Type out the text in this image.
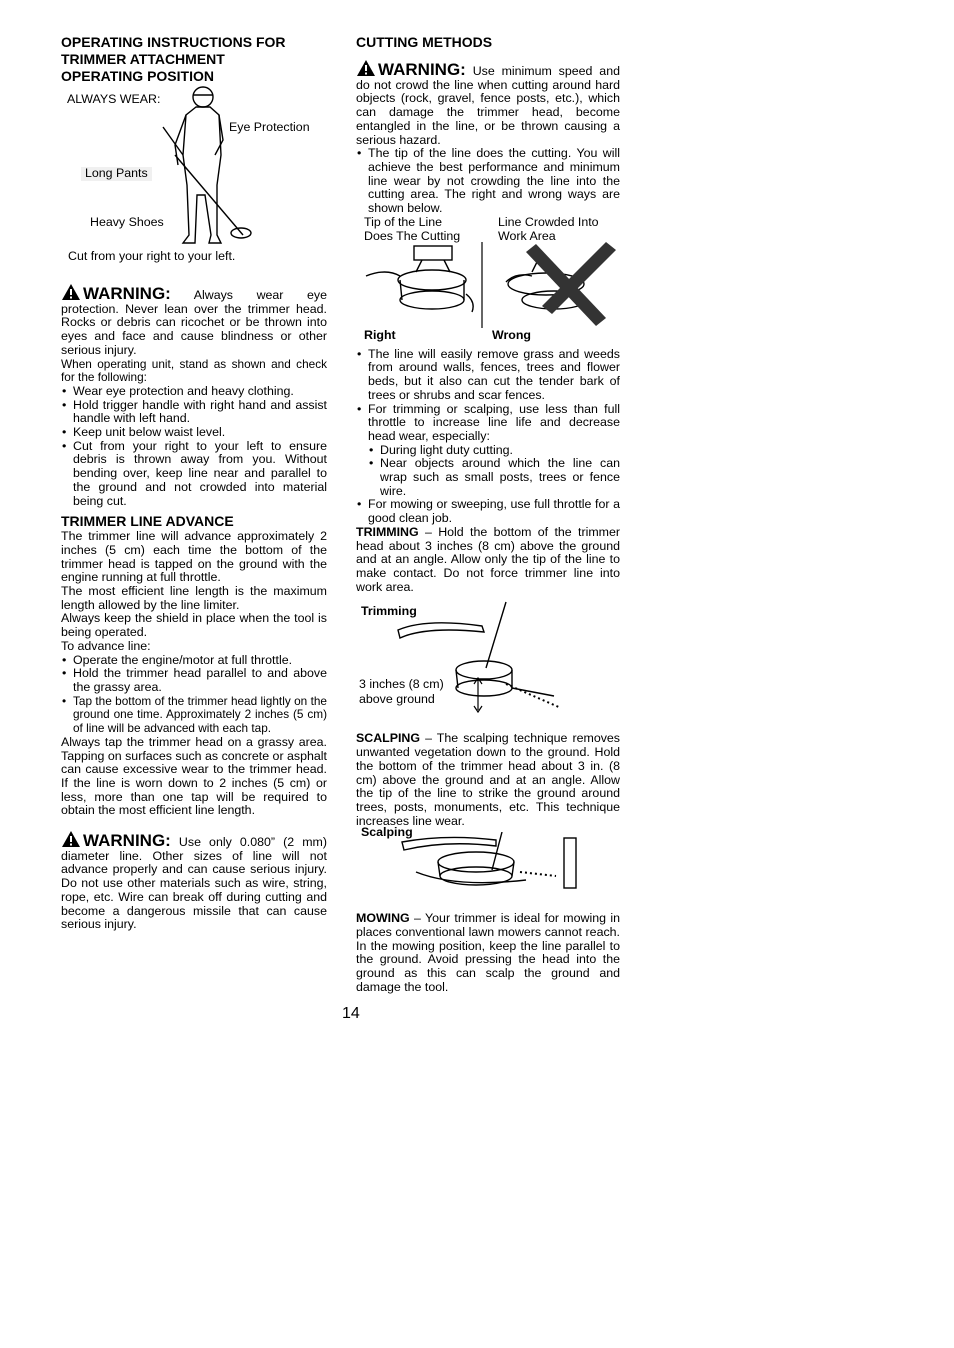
OPERATING INSTRUCTIONS FOR
TRIMMER ATTACHMENT
OPERATING POSITION
ALWAYS WEAR:
Eye Protection
Long Pants
Heavy Shoes
Cut from your right to your left.

WARNING: Always wear eye protection. Never lean over the trimmer head. Rocks or debris can ricochet or be thrown into eyes and face and cause blindness or other serious injury.

When operating unit, stand as shown and check for the following:

• Wear eye protection and heavy clothing.
• Hold trigger handle with right hand and assist handle with left hand.
• Keep unit below waist level.
• Cut from your right to your left to ensure debris is thrown away from you. Without bending over, keep line near and parallel to the ground and not crowded into material being cut.
TRIMMER LINE ADVANCE

The trimmer line will advance approximately 2 inches (5 cm) each time the bottom of the trimmer head is tapped on the ground with the engine running at full throttle.

The most efficient line length is the maximum length allowed by the line limiter.

Always keep the shield in place when the tool is being operated.

To advance line:

• Operate the engine/motor at full throttle.
• Hold the trimmer head parallel to and above the grassy area.
• Tap the bottom of the trimmer head lightly on the ground one time. Approximately 2 inches (5 cm) of line will be advanced with each tap.

Always tap the trimmer head on a grassy area. Tapping on surfaces such as concrete or asphalt can cause excessive wear to the trimmer head. If the line is worn down to 2 inches (5 cm) or less, more than one tap will be required to obtain the most efficient line length.

WARNING: Use only 0.080” (2 mm) diameter line. Other sizes of line will not advance properly and can cause serious injury. Do not use other materials such as wire, string, rope, etc. Wire can break off during cutting and become a dangerous missile that can cause serious injury.

CUTTING METHODS

WARNING: Use minimum speed and do not crowd the line when cutting around hard objects (rock, gravel, fence posts, etc.), which can damage the trimmer head, become entangled in the line, or be thrown causing a serious hazard.

• The tip of the line does the cutting. You will achieve the best performance and minimum line wear by not crowding the line into the cutting area. The right and wrong ways are shown below.
Tip of the Line
Does The Cutting
Line Crowded Into
Work Area
Right	Wrong
• The line will easily remove grass and weeds from around walls, fences, trees and flower beds, but it also can cut the tender bark of trees or shrubs and scar fences.
• For trimming or scalping, use less than full throttle to increase line life and decrease head wear, especially:
• During light duty cutting.
• Near objects around which the line can wrap such as small posts, trees or fence wire.
• For mowing or sweeping, use full throttle for a good clean job.

TRIMMING – Hold the bottom of the trimmer head about 3 inches (8 cm) above the ground and at an angle. Allow only the tip of the line to make contact. Do not force trimmer line into work area.

Trimming
3 inches (8 cm)
above ground

SCALPING – The scalping technique removes unwanted vegetation down to the ground. Hold the bottom of the trimmer head about 3 in. (8 cm) above the ground and at an angle. Allow the tip of the line to strike the ground around trees, posts, monuments, etc. This technique increases line wear.

Scalping

MOWING – Your trimmer is ideal for mowing in places conventional lawn mowers cannot reach. In the mowing position, keep the line parallel to the ground. Avoid pressing the head into the ground as this can scalp the ground and damage the tool.

14
